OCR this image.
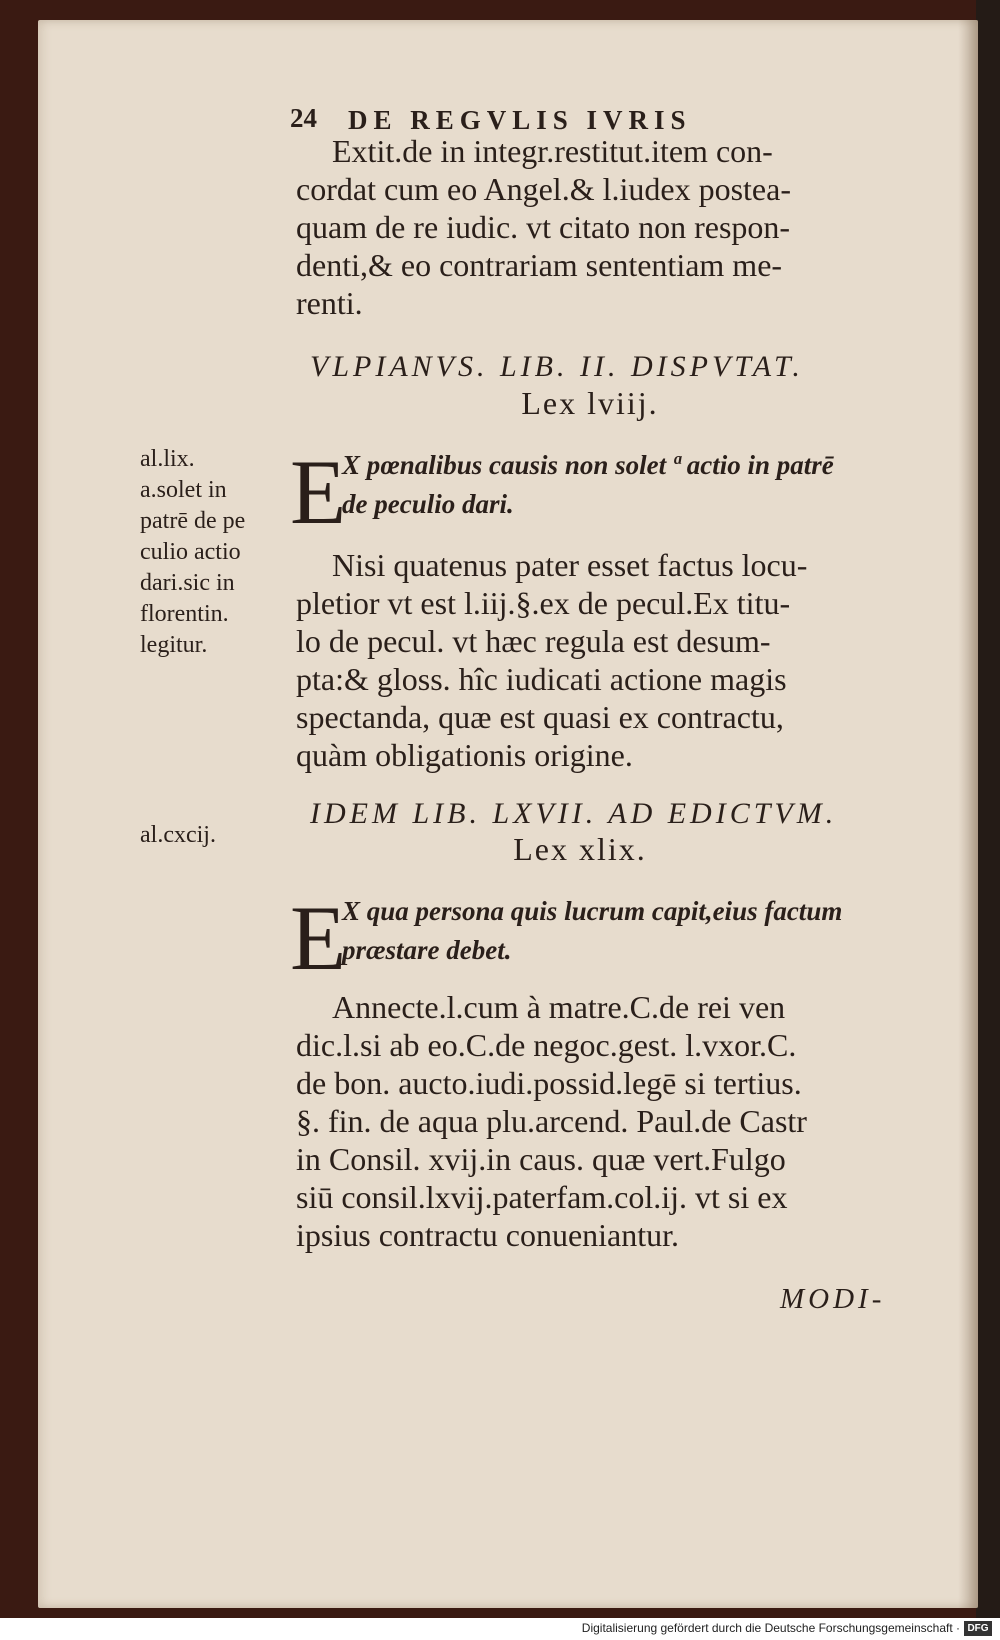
24 DE REGVLIS IVRIS
Extit.de in integr.restitut.item con-
cordat cum eo Angel.& l.iudex postea-
quam de re iudic. vt citato non respon-
denti,& eo contrariam sententiam me-
renti.
VLPIANVS. LIB. II. DISPVTAT.
Lex lviij.
al.lix.
a.solet in
patrē de pe
culio actio
dari.sic in
florentin.
legitur.
E
X pœnalibus causis non solet ª actio in patrē
de peculio dari.
Nisi quatenus pater esset factus locu-
pletior vt est l.iij.§.ex de pecul.Ex titu-
lo de pecul. vt hæc regula est desum-
pta:& gloss. hîc iudicati actione magis
spectanda, quæ est quasi ex contractu,
quàm obligationis origine.
IDEM LIB. LXVII. AD EDICTVM.
Lex xlix.
al.cxcij.
E
X qua persona quis lucrum capit,eius factum
præstare debet.
Annecte.l.cum à matre.C.de rei ven
dic.l.si ab eo.C.de negoc.gest. l.vxor.C.
de bon. aucto.iudi.possid.legē si tertius.
§. fin. de aqua plu.arcend. Paul.de Castr
in Consil. xvij.in caus. quæ vert.Fulgo
siū consil.lxvij.paterfam.col.ij. vt si ex
ipsius contractu conueniantur.
MODI-
Digitalisierung gefördert durch die Deutsche Forschungsgemeinschaft · DFG
